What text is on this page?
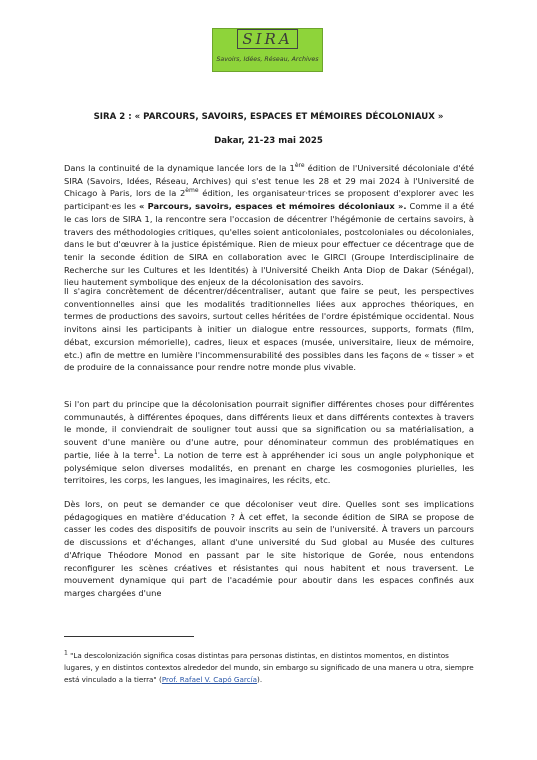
SIRA
Savoirs, Idées, Réseau, Archives
SIRA 2 : « PARCOURS, SAVOIRS, ESPACES ET MÉMOIRES DÉCOLONIAUX »
Dakar, 21-23 mai 2025

Dans la continuité de la dynamique lancée lors de la 1ère édition de l'Université décoloniale d'été SIRA (Savoirs, Idées, Réseau, Archives) qui s'est tenue les 28 et 29 mai 2024 à l'Université de Chicago à Paris, lors de la 2ème édition, les organisateur·trices se proposent d'explorer avec les participant·es les « Parcours, savoirs, espaces et mémoires décoloniaux ». Comme il a été le cas lors de SIRA 1, la rencontre sera l'occasion de décentrer l'hégémonie de certains savoirs, à travers des méthodologies critiques, qu'elles soient anticoloniales, postcoloniales ou décoloniales, dans le but d'œuvrer à la justice épistémique. Rien de mieux pour effectuer ce décentrage que de tenir la seconde édition de SIRA en collaboration avec le GIRCI (Groupe Interdisciplinaire de Recherche sur les Cultures et les Identités) à l'Université Cheikh Anta Diop de Dakar (Sénégal), lieu hautement symbolique des enjeux de la décolonisation des savoirs.

Il s'agira concrètement de décentrer/décentraliser, autant que faire se peut, les perspectives conventionnelles ainsi que les modalités traditionnelles liées aux approches théoriques, en termes de productions des savoirs, surtout celles héritées de l'ordre épistémique occidental. Nous invitons ainsi les participants à initier un dialogue entre ressources, supports, formats (film, débat, excursion mémorielle), cadres, lieux et espaces (musée, universitaire, lieux de mémoire, etc.) afin de mettre en lumière l'incommensurabilité des possibles dans les façons de « tisser » et de produire de la connaissance pour rendre notre monde plus vivable.

Si l'on part du principe que la décolonisation pourrait signifier différentes choses pour différentes communautés, à différentes époques, dans différents lieux et dans différents contextes à travers le monde, il conviendrait de souligner tout aussi que sa signification ou sa matérialisation, a souvent d'une manière ou d'une autre, pour dénominateur commun des problématiques en partie, liée à la terre$^1$. La notion de terre est à appréhender ici sous un angle polyphonique et polysémique selon diverses modalités, en prenant en charge les cosmogonies plurielles, les territoires, les corps, les langues, les imaginaires, les récits, etc.

Dès lors, on peut se demander ce que décoloniser veut dire. Quelles sont ses implications pédagogiques en matière d'éducation ? À cet effet, la seconde édition de SIRA se propose de casser les codes des dispositifs de pouvoir inscrits au sein de l'université. À travers un parcours de discussions et d'échanges, allant d'une université du Sud global au Musée des cultures d'Afrique Théodore Monod en passant par le site historique de Gorée, nous entendons reconfigurer les scènes créatives et résistantes qui nous habitent et nous traversent. Le mouvement dynamique qui part de l'académie pour aboutir dans les espaces confinés aux marges chargées d'une

$^1$ "La descolonización significa cosas distintas para personas distintas, en distintos momentos, en distintos lugares, y en distintos contextos alrededor del mundo, sin embargo su significado de una manera u otra, siempre está vinculado a la tierra" (Prof. Rafael V. Capó García).
